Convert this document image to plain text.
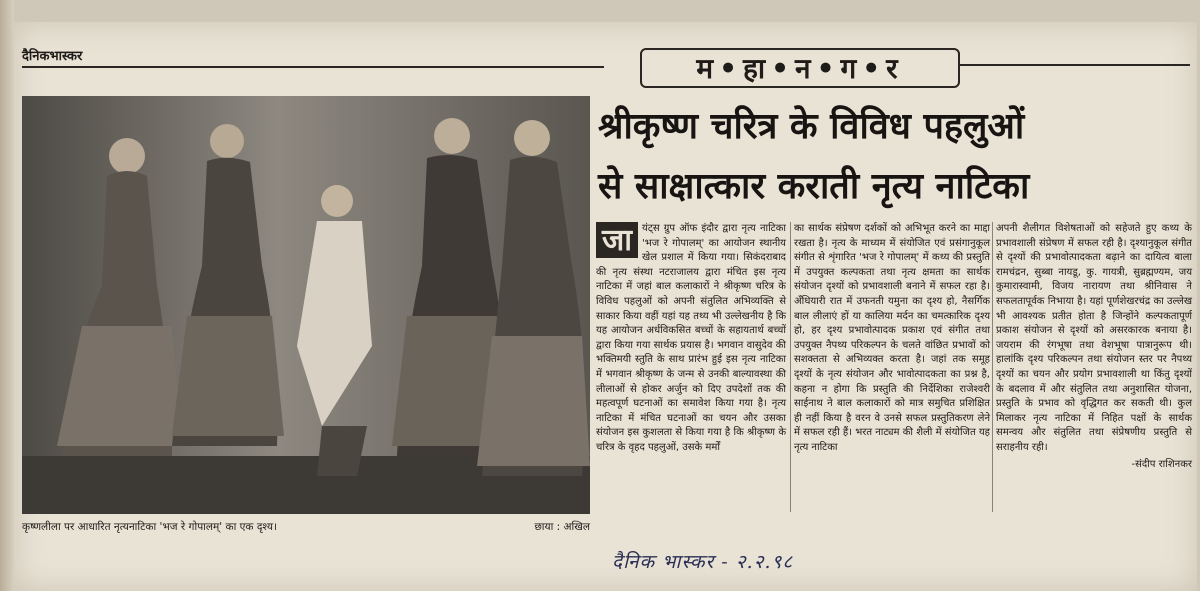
दैनिकभास्कर	म•हा•न•ग•र
श्रीकृष्ण चरित्र के विविध पहलुओं
से साक्षात्कार कराती नृत्य नाटिका
कृष्णलीला पर आधारित नृत्यनाटिका 'भज रे गोपालम्' का एक दृश्य।	छाया : अखिल
जा	यंट्स ग्रुप ऑफ इंदौर द्वारा नृत्य नाटिका 'भज रे गोपालम्' का आयोजन स्थानीय खेल प्रशाल में किया गया। सिकंदराबाद की नृत्य संस्था नटराजालय द्वारा मंचित इस नृत्य नाटिका में जहां बाल कलाकारों ने श्रीकृष्ण चरित्र के विविध पहलुओं को अपनी संतुलित अभिव्यक्ति से साकार किया वहीं यहां यह तथ्य भी उल्लेखनीय है कि यह आयोजन अर्धविकसित बच्चों के सहायतार्थ बच्चों द्वारा किया गया सार्थक प्रयास है। भगवान वासुदेव की भक्तिमयी स्तुति के साथ प्रारंभ हुई इस नृत्य नाटिका में भगवान श्रीकृष्ण के जन्म से उनकी बाल्यावस्था की लीलाओं से होकर अर्जुन को दिए उपदेशों तक की महत्वपूर्ण घटनाओं का समावेश किया गया है। नृत्य नाटिका में मंचित घटनाओं का चयन और उसका संयोजन इस कुशलता से किया गया है कि श्रीकृष्ण के चरित्र के वृहद पहलुओं, उसके मर्मों
का सार्थक संप्रेषण दर्शकों को अभिभूत करने का माद्दा रखता है। नृत्य के माध्यम में संयोजित एवं प्रसंगानुकूल संगीत से शृंगारित 'भज रे गोपालम्' में कथ्य की प्रस्तुति में उपयुक्त कल्पकता तथा नृत्य क्षमता का सार्थक संयोजन दृश्यों को प्रभावशाली बनाने में सफल रहा है। अँधियारी रात में उफनती यमुना का दृश्य हो, नैसर्गिक बाल लीलाएं हों या कालिया मर्दन का चमत्कारिक दृश्य हो, हर दृश्य प्रभावोत्पादक प्रकाश एवं संगीत तथा उपयुक्त नैपथ्य परिकल्पन के चलते वांछित प्रभावों को सशक्तता से अभिव्यक्त करता है। जहां तक समूह दृश्यों के नृत्य संयोजन और भावोत्पादकता का प्रश्न है, कहना न होगा कि प्रस्तुति की निर्देशिका राजेश्वरी साईनाथ ने बाल कलाकारों को मात्र समुचित प्रशिक्षित ही नहीं किया है वरन वे उनसे सफल प्रस्तुतिकरण लेने में सफल रही हैं। भरत नाट्यम की शैली में संयोजित यह नृत्य नाटिका
अपनी शैलीगत विशेषताओं को सहेजते हुए कथ्य के प्रभावशाली संप्रेषण में सफल रही है। दृश्यानुकूल संगीत से दृश्यों की प्रभावोत्पादकता बढ़ाने का दायित्व बाला रामचंद्रन, सुब्बा नायडू, कु. गायत्री, सुब्रह्मण्यम, जय कुमारास्वामी, विजय नारायण तथा श्रीनिवास ने सफलतापूर्वक निभाया है। यहां पूर्णशेखरचंद्र का उल्लेख भी आवश्यक प्रतीत होता है जिन्होंने कल्पकतापूर्ण प्रकाश संयोजन से दृश्यों को असरकारक बनाया है। जयराम की रंगभूषा तथा वेशभूषा पात्रानुरूप थी। हालांकि दृश्य परिकल्पन तथा संयोजन स्तर पर नैपथ्य दृश्यों का चयन और प्रयोग प्रभावशाली था किंतु दृश्यों के बदलाव में और संतुलित तथा अनुशासित योजना, प्रस्तुति के प्रभाव को वृद्धिगत कर सकती थी। कुल मिलाकर नृत्य नाटिका में निहित पक्षों के सार्थक समन्वय और संतुलित तथा संप्रेषणीय प्रस्तुति से सराहनीय रही।
-संदीप राशिनकर
दैनिक भास्कर - २.२.९८
